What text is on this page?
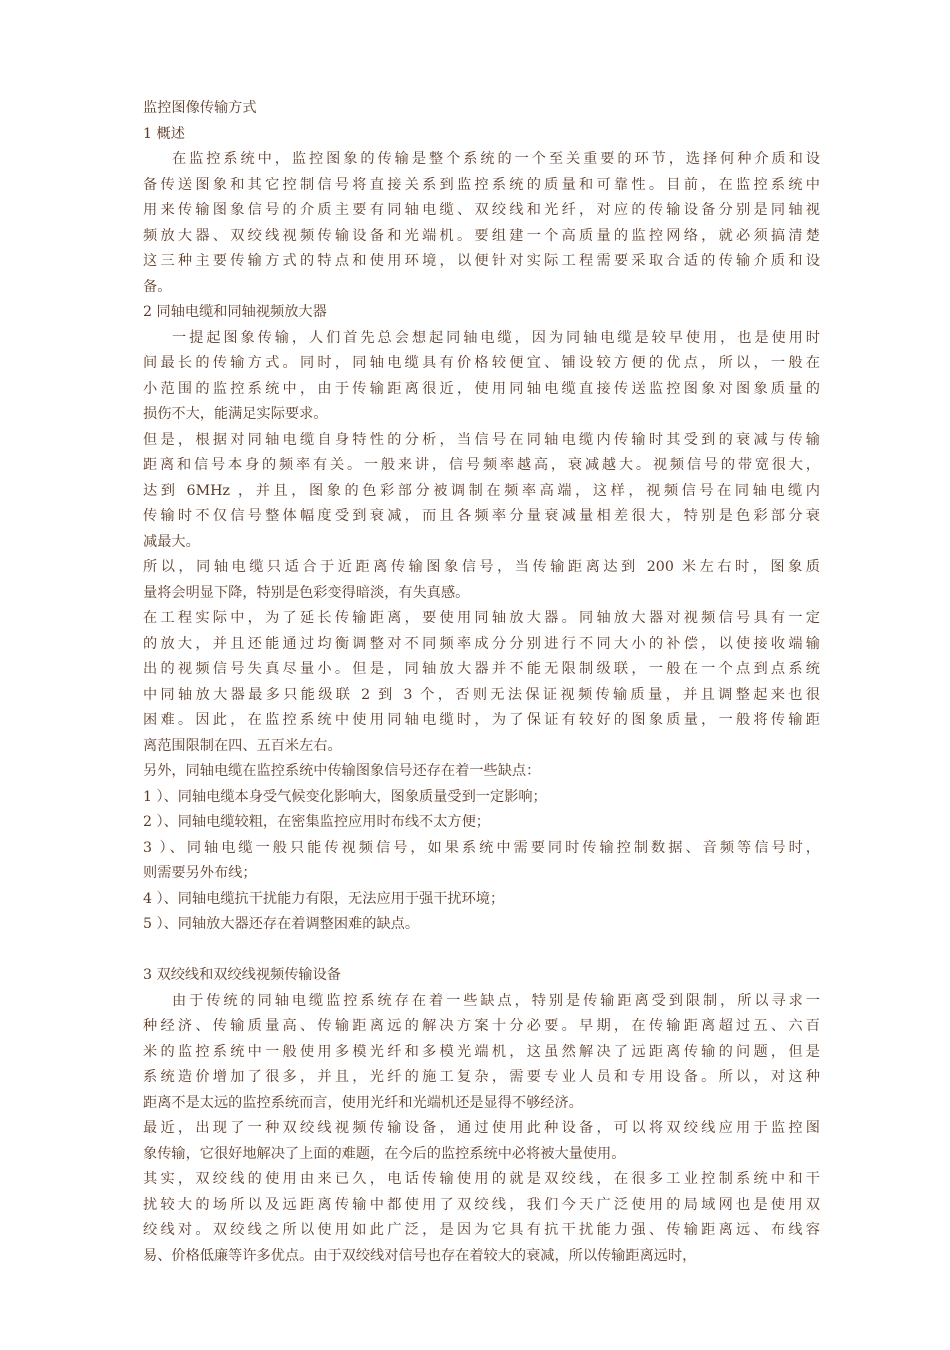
监控图像传输方式
1 概述
在监控系统中，监控图象的传输是整个系统的一个至关重要的环节，选择何种介质和设
备传送图象和其它控制信号将直接关系到监控系统的质量和可靠性。目前，在监控系统中
用来传输图象信号的介质主要有同轴电缆、双绞线和光纤，对应的传输设备分别是同轴视
频放大器、双绞线视频传输设备和光端机。要组建一个高质量的监控网络，就必须搞清楚
这三种主要传输方式的特点和使用环境，以便针对实际工程需要采取合适的传输介质和设
备。
2 同轴电缆和同轴视频放大器
一提起图象传输，人们首先总会想起同轴电缆，因为同轴电缆是较早使用，也是使用时
间最长的传输方式。同时，同轴电缆具有价格较便宜、铺设较方便的优点，所以，一般在
小范围的监控系统中，由于传输距离很近，使用同轴电缆直接传送监控图象对图象质量的
损伤不大，能满足实际要求。
但是，根据对同轴电缆自身特性的分析，当信号在同轴电缆内传输时其受到的衰减与传输
距离和信号本身的频率有关。一般来讲，信号频率越高，衰减越大。视频信号的带宽很大，
达到 6MHz ，并且，图象的色彩部分被调制在频率高端，这样，视频信号在同轴电缆内
传输时不仅信号整体幅度受到衰减，而且各频率分量衰减量相差很大，特别是色彩部分衰
减最大。
所以，同轴电缆只适合于近距离传输图象信号，当传输距离达到 200 米左右时，图象质
量将会明显下降，特别是色彩变得暗淡，有失真感。
在工程实际中，为了延长传输距离，要使用同轴放大器。同轴放大器对视频信号具有一定
的放大，并且还能通过均衡调整对不同频率成分分别进行不同大小的补偿，以使接收端输
出的视频信号失真尽量小。但是，同轴放大器并不能无限制级联，一般在一个点到点系统
中同轴放大器最多只能级联 2 到 3 个，否则无法保证视频传输质量，并且调整起来也很
困难。因此，在监控系统中使用同轴电缆时，为了保证有较好的图象质量，一般将传输距
离范围限制在四、五百米左右。
另外，同轴电缆在监控系统中传输图象信号还存在着一些缺点：
1 ）、同轴电缆本身受气候变化影响大，图象质量受到一定影响；
2 ）、同轴电缆较粗，在密集监控应用时布线不太方便；
3 ）、同轴电缆一般只能传视频信号，如果系统中需要同时传输控制数据、音频等信号时，
则需要另外布线；
4 ）、同轴电缆抗干扰能力有限，无法应用于强干扰环境；
5 ）、同轴放大器还存在着调整困难的缺点。
3 双绞线和双绞线视频传输设备
由于传统的同轴电缆监控系统存在着一些缺点，特别是传输距离受到限制，所以寻求一
种经济、传输质量高、传输距离远的解决方案十分必要。早期，在传输距离超过五、六百
米的监控系统中一般使用多模光纤和多模光端机，这虽然解决了远距离传输的问题，但是
系统造价增加了很多，并且，光纤的施工复杂，需要专业人员和专用设备。所以，对这种
距离不是太远的监控系统而言，使用光纤和光端机还是显得不够经济。
最近，出现了一种双绞线视频传输设备，通过使用此种设备，可以将双绞线应用于监控图
象传输，它很好地解决了上面的难题，在今后的监控系统中必将被大量使用。
其实，双绞线的使用由来已久，电话传输使用的就是双绞线，在很多工业控制系统中和干
扰较大的场所以及远距离传输中都使用了双绞线，我们今天广泛使用的局域网也是使用双
绞线对。双绞线之所以使用如此广泛，是因为它具有抗干扰能力强、传输距离远、布线容
易、价格低廉等许多优点。由于双绞线对信号也存在着较大的衰减，所以传输距离远时，
